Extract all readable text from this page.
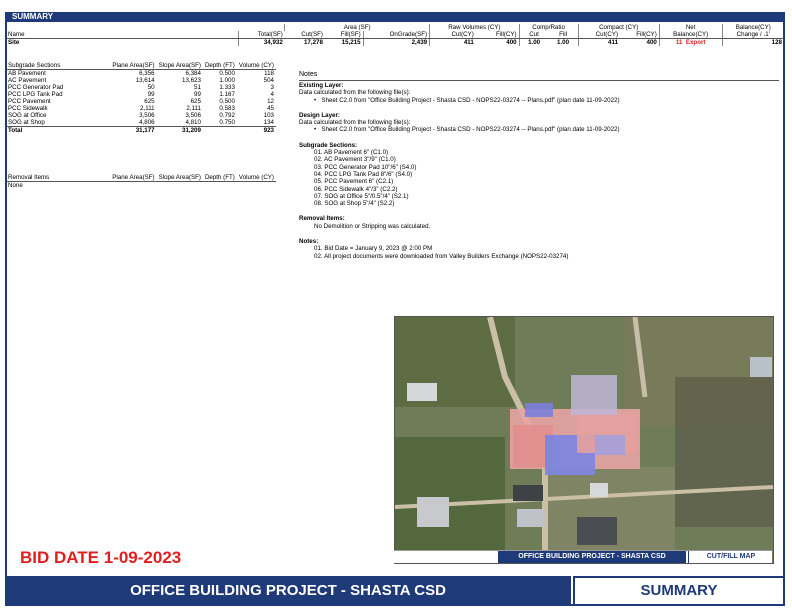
SUMMARY
		Area (SF)			Raw Volumes (CY)		Comp/Ratio		Compact (CY)		Net	Balance(CY)
Name	Total(SF)	Cut(SF)	Fill(SF)	OnGrade(SF)	Cut(CY)	Fill(CY)	Cut	Fill	Cut(CY)	Fill(CY)	Balance(CY)	Change / .1'
Site	34,932	17,278	15,215	2,439	411	400	1.00	1.00	411	400	11 Export	128
Subgrade Sections	Plane Area(SF)	Slope Area(SF)	Depth (FT)	Volume (CY)
AB Pavement	6,356	6,384	0.500	118
AC Pavement	13,614	13,623	1.000	504
PCC Generator Pad	50	51	1.333	3
PCC LPG Tank Pad	99	99	1.167	4
PCC Pavement	625	625	0.500	12
PCC Sidewalk	2,111	2,111	0.583	45
SOG at Office	3,506	3,506	0.792	103
SOG at Shop	4,806	4,810	0.750	134
Total	31,177	31,209		923
Removal Items	Plane Area(SF)	Slope Area(SF)	Depth (FT)	Volume (CY)
None				
Notes
Existing Layer:
Data calculated from the following file(s):
•   Sheet C2.0 from "Office Building Project - Shasta CSD - NOPS22-03274 -- Plans.pdf" (plan date 11-09-2022)
Design Layer:
Data calculated from the following file(s):
•   Sheet C2.0 from "Office Building Project - Shasta CSD - NOPS22-03274 -- Plans.pdf" (plan date 11-09-2022)
Subgrade Sections:
01. AB Pavement 6" (C1.0)
02. AC Pavement 3"/9" (C1.0)
03. PCC Generator Pad 10"/6" (S4.0)
04. PCC LPG Tank Pad 8"/6" (S4.0)
05. PCC Pavement 6" (C2.1)
06. PCC Sidewalk 4"/3" (C2.2)
07. SOG at Office 5"/0.5"/4" (S2.1)
08. SOG at Shop 5"/4" (S2.2)
Removal Items:
No Demolition or Stripping was calculated.
Notes:
01. Bid Date = January 9, 2023 @ 2:00 PM
02. All project documents were downloaded from Valley Builders Exchange (NOPS22-03274)
BID DATE 1-09-2023	OFFICE BUILDING PROJECT - SHASTA CSD	CUT/FILL MAP
OFFICE BUILDING PROJECT - SHASTA CSD	SUMMARY
